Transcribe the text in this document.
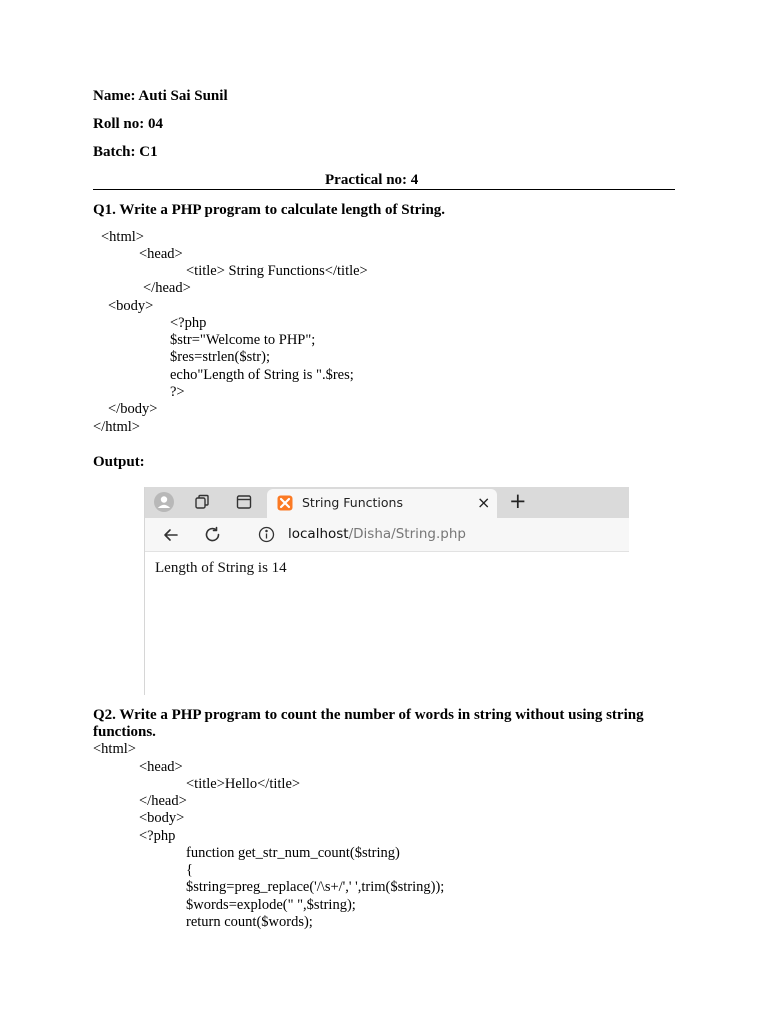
Name: Auti Sai Sunil
Roll no: 04
Batch: C1
Practical no: 4
Q1. Write a PHP program to calculate length of String.
<html>
<head>
<title> String Functions</title>
</head>
<body>
<?php
$str="Welcome to PHP";
$res=strlen($str);
echo"Length of String is ".$res;
?>
</body>
</html>
Output:
String Functions	× +
localhost/Disha/String.php
Length of String is 14
Q2. Write a PHP program to count the number of words in string without using string
functions.
<html>
<head>
<title>Hello</title>
</head>
<body>
<?php
function get_str_num_count($string)
{
$string=preg_replace('/\s+/',' ',trim($string));
$words=explode(" ",$string);
return count($words);
